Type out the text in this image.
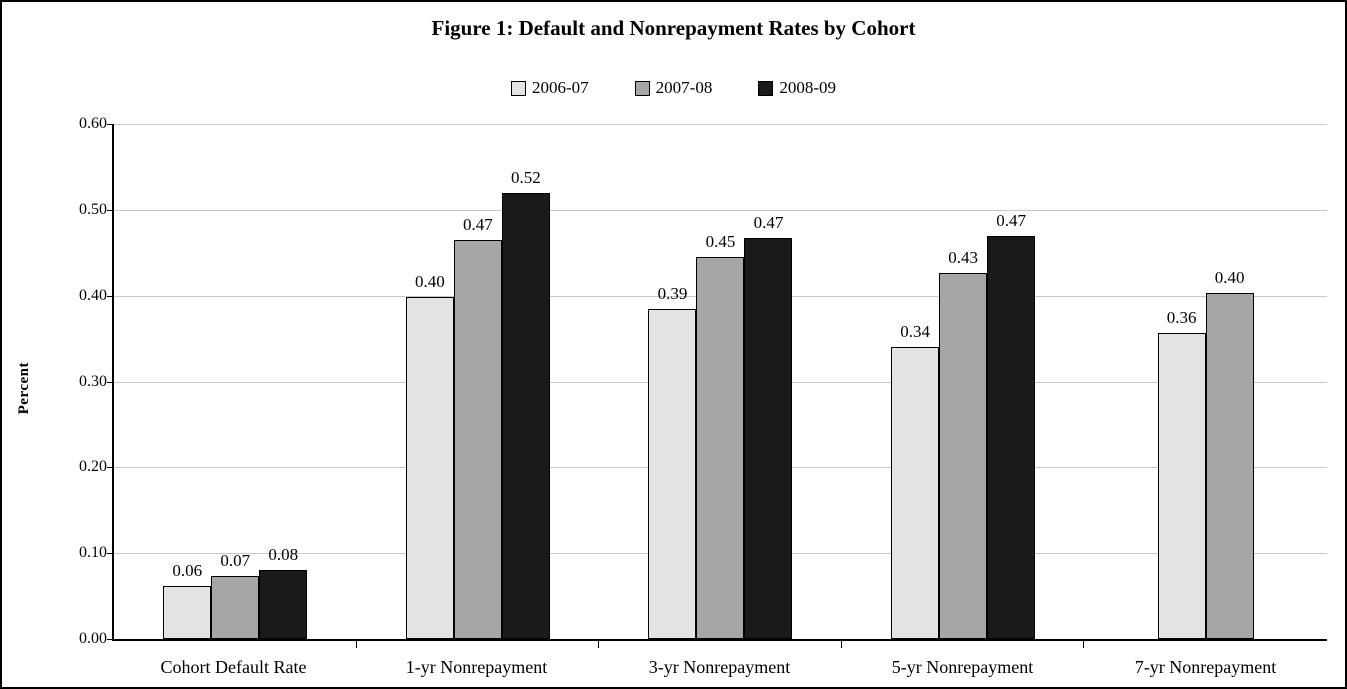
Figure 1: Default and Nonrepayment Rates by Cohort
2006-07	2007-08	2008-09
Percent
0.00
0.10
0.20
0.30
0.40
0.50
0.60
0.06 0.07 0.08
0.40
0.47
0.52
0.39
0.45
0.47
0.34
0.43
0.47
0.36
0.40
Cohort Default Rate	1-yr Nonrepayment	3-yr Nonrepayment	5-yr Nonrepayment	7-yr Nonrepayment
